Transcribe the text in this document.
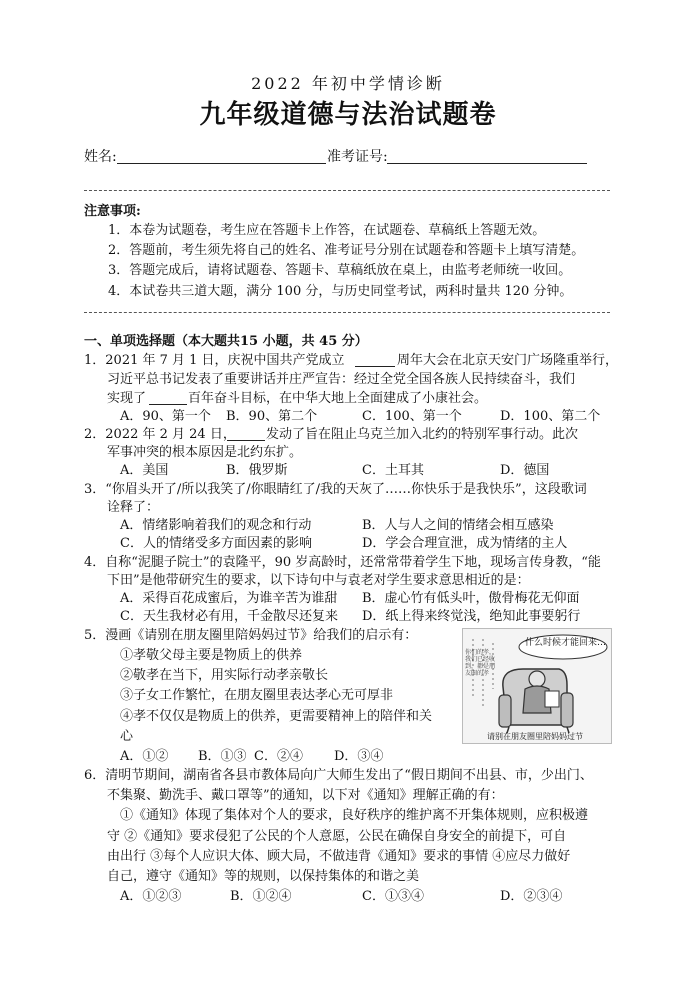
2022 年初中学情诊断
九年级道德与法治试题卷
姓名:	准考证号:
注意事项:
1．本卷为试题卷，考生应在答题卡上作答，在试题卷、草稿纸上答题无效。
2．答题前，考生须先将自己的姓名、准考证号分别在试题卷和答题卡上填写清楚。
3．答题完成后，请将试题卷、答题卡、草稿纸放在桌上，由监考老师统一收回。
4．本试卷共三道大题，满分 100 分，与历史同堂考试，两科时量共 120 分钟。
一、单项选择题（本大题共15 小题，共 45 分）
1．2021 年 7 月 1 日，庆祝中国共产党成立	周年大会在北京天安门广场隆重举行，
习近平总书记发表了重要讲话并庄严宣告：经过全党全国各族人民持续奋斗，我们
实现了	百年奋斗目标，在中华大地上全面建成了小康社会。
A．90、第一个 B．90、第二个	C．100、第一个	D．100、第二个
2．2022 年 2 月 24 日， 发动了旨在阻止乌克兰加入北约的特别军事行动。此次
军事冲突的根本原因是北约东扩。
A．美国	B．俄罗斯	C．土耳其	D．德国
3．“你眉头开了/所以我笑了/你眼睛红了/我的天灰了……你快乐于是我快乐”，这段歌词
诠释了：
A．情绪影响着我们的观念和行动	B．人与人之间的情绪会相互感染
C．人的情绪受多方面因素的影响	D．学会合理宣泄，成为情绪的主人
4．自称“泥腿子院士”的袁隆平，90 岁高龄时，还常常带着学生下地，现场言传身教，“能
下田”是他带研究生的要求，以下诗句中与袁老对学生要求意思相近的是：
A．采得百花成蜜后，为谁辛苦为谁甜 B．虚心竹有低头叶，傲骨梅花无仰面
C．天生我材必有用，千金散尽还复来 D．纸上得来终觉浅，绝知此事要躬行
5．漫画《请别在朋友圈里陪妈妈过节》给我们的启示有：
①孝敬父母主要是物质上的供养
②敬孝在当下，用实际行动孝亲敬长
③子女工作繁忙，在朋友圈里表达孝心无可厚非
④孝不仅仅是物质上的供养，更需要精神上的陪伴和关
心
A．①② B．①③ C．②④ D．③④
什么时候才能回来…
你们的孝，我们已经收到，都是朋友圈的孝
请别在朋友圈里陪妈妈过节
6．清明节期间，湖南省各县市教体局向广大师生发出了“假日期间不出县、市，少出门、
不集聚、勤洗手、戴口罩等”的通知，以下对《通知》理解正确的有：
①《通知》体现了集体对个人的要求，良好秩序的维护离不开集体规则，应积极遵
守 ②《通知》要求侵犯了公民的个人意愿，公民在确保自身安全的前提下，可自
由出行 ③每个人应识大体、顾大局，不做违背《通知》要求的事情 ④应尽力做好
自己，遵守《通知》等的规则，以保持集体的和谐之美
A．①②③	B．①②④	C．①③④	D．②③④
